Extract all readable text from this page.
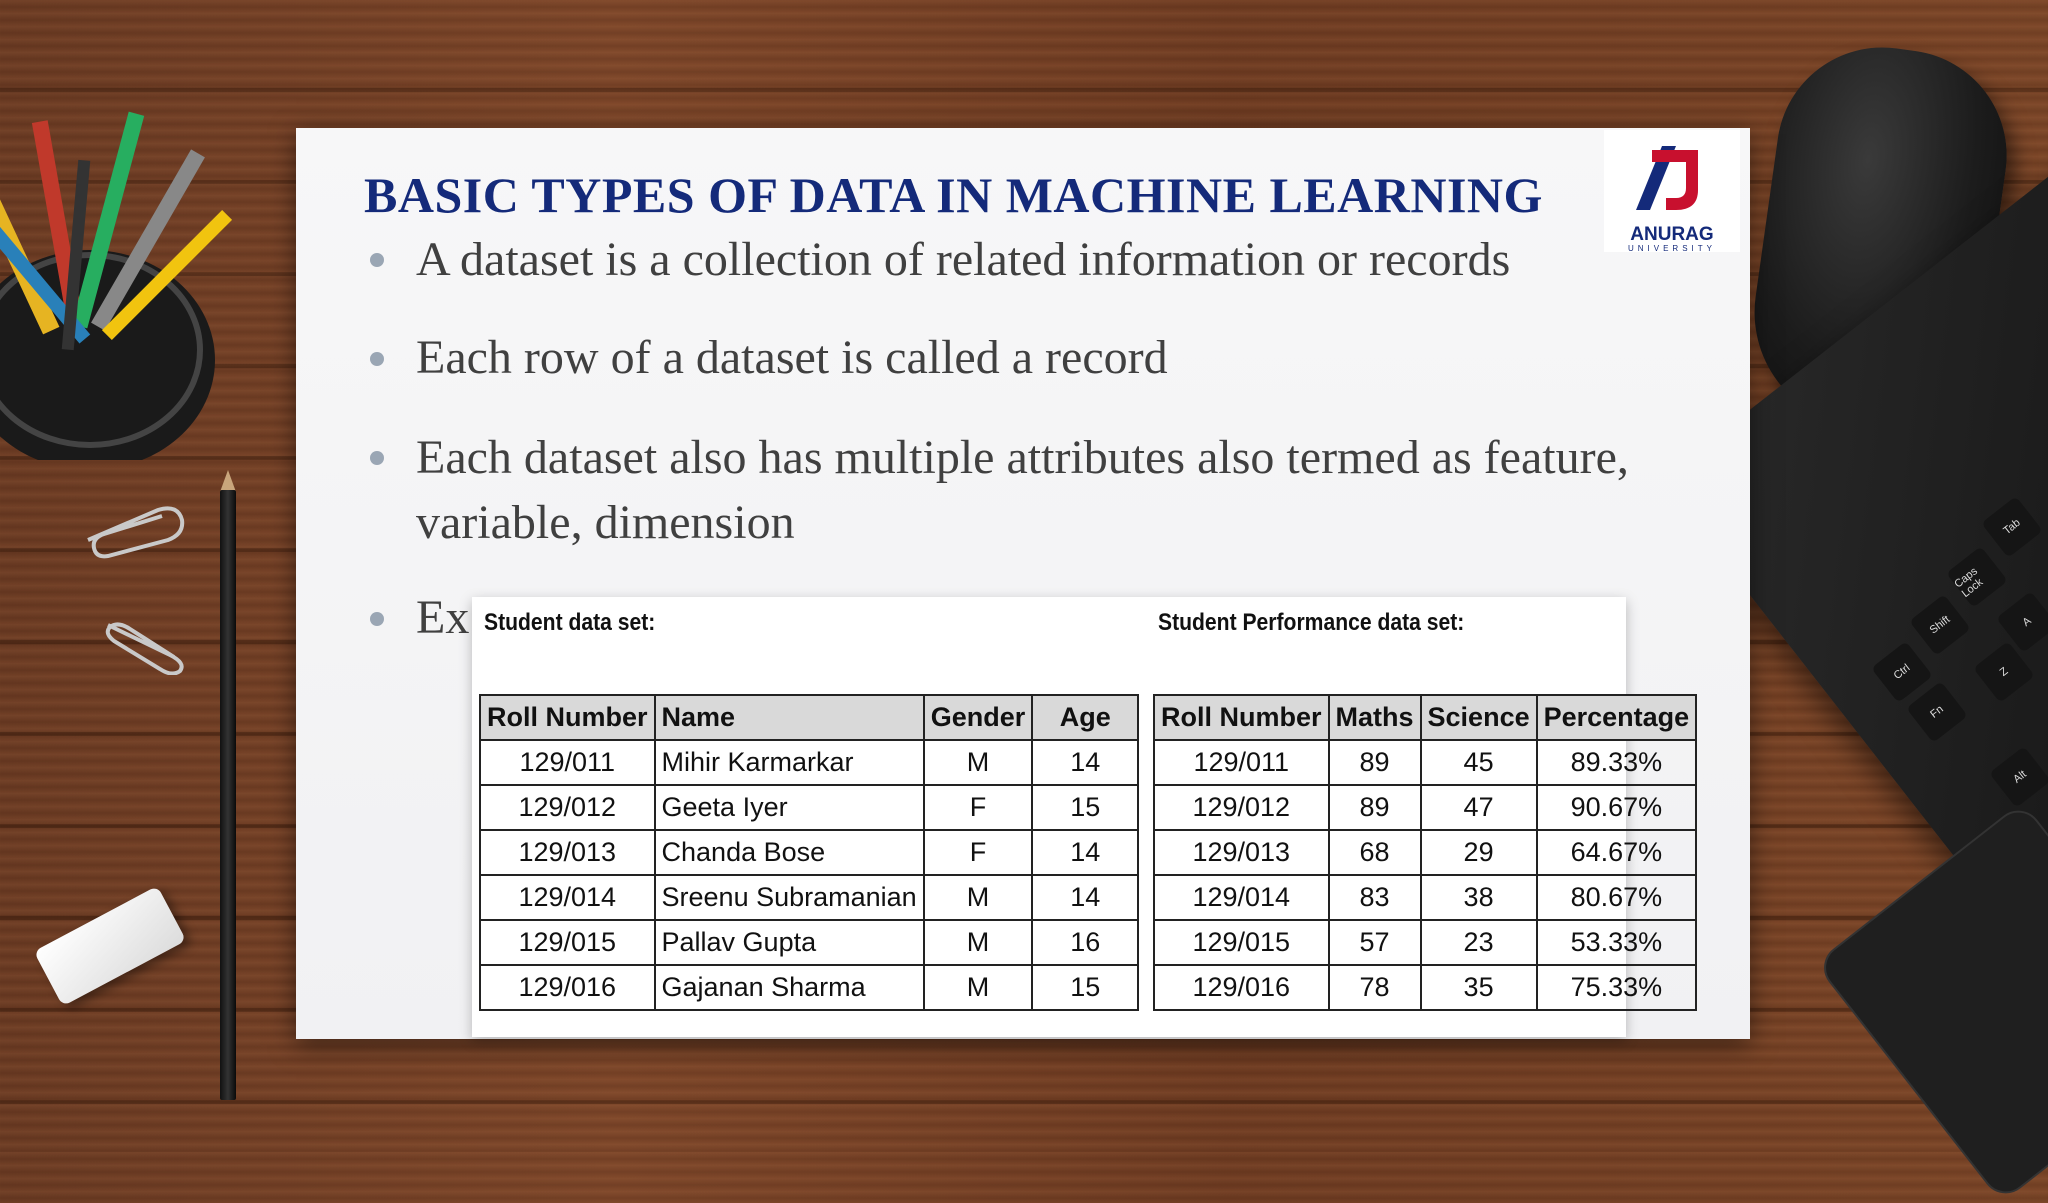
Tab
Caps Lock
A
Shift
Z
Ctrl
Fn
Alt
BASIC TYPES OF DATA IN MACHINE LEARNING
ANURAG
UNIVERSITY
A dataset is a collection of related information or records
Each row of a dataset is called a record
Each dataset also has multiple attributes also termed as feature,
variable, dimension
Ex Student data set:	Student Performance data set:
Roll Number	Name	Gender	Age
129/011	Mihir Karmarkar	M	14
129/012	Geeta Iyer	F	15
129/013	Chanda Bose	F	14
129/014	Sreenu Subramanian	M	14
129/015	Pallav Gupta	M	16
129/016	Gajanan Sharma	M	15
Roll Number	Maths	Science	Percentage
129/011	89	45	89.33%
129/012	89	47	90.67%
129/013	68	29	64.67%
129/014	83	38	80.67%
129/015	57	23	53.33%
129/016	78	35	75.33%
